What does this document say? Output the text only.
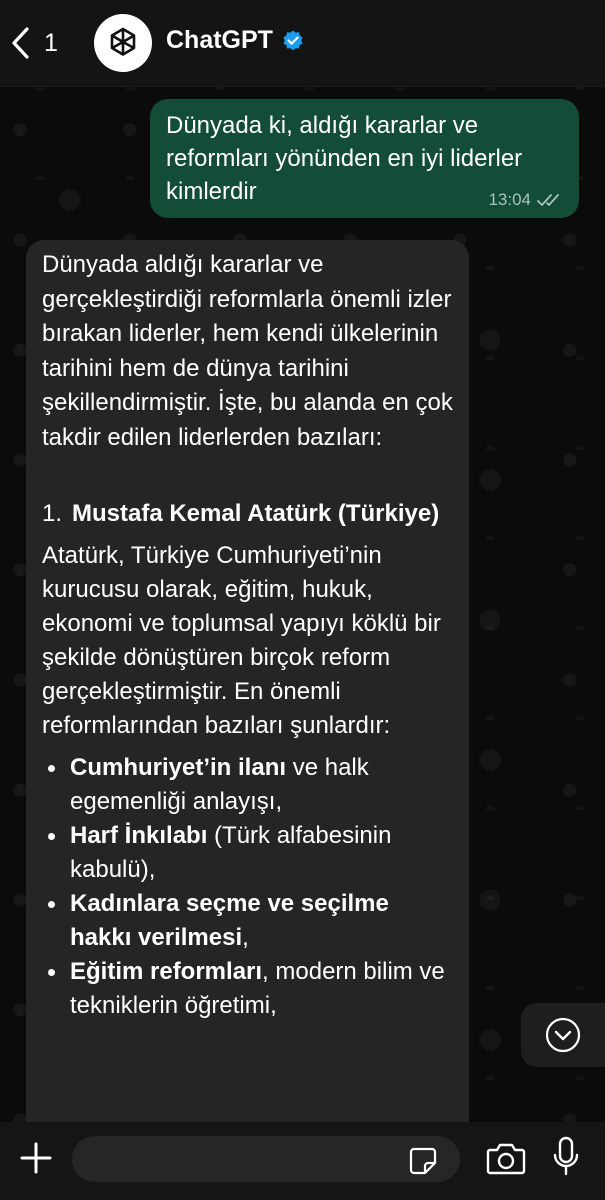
1	ChatGPT
Dünyada ki, aldığı kararlar ve reformları yönünden en iyi liderler kimlerdir	13:04

Dünyada aldığı kararlar ve gerçekleştirdiği reformlarla önemli izler bırakan liderler, hem kendi ülkelerinin tarihini hem de dünya tarihini şekillendirmiştir. İşte, bu alanda en çok takdir edilen liderlerden bazıları:

1. Mustafa Kemal Atatürk (Türkiye)
Atatürk, Türkiye Cumhuriyeti’nin kurucusu olarak, eğitim, hukuk, ekonomi ve toplumsal yapıyı köklü bir şekilde dönüştüren birçok reform gerçekleştirmiştir. En önemli reformlarından bazıları şunlardır:
Cumhuriyet’in ilanı ve halk egemenliği anlayışı,
Harf İnkılabı (Türk alfabesinin kabulü),
Kadınlara seçme ve seçilme hakkı verilmesi,
Eğitim reformları, modern bilim ve tekniklerin öğretimi,
